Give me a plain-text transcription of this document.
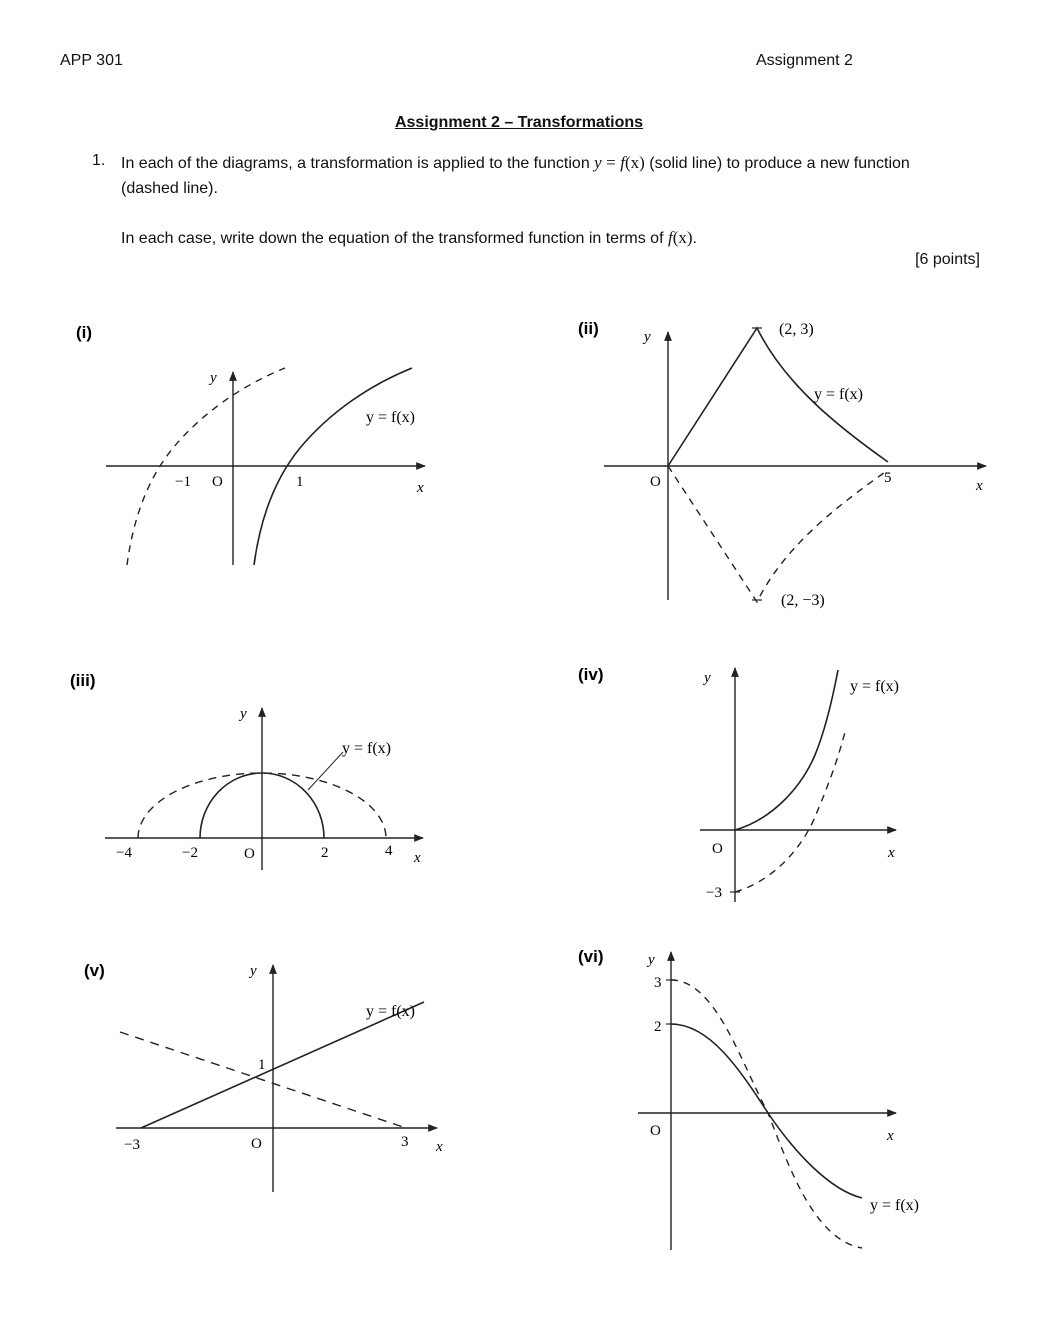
APP 301	Assignment 2
Assignment 2 – Transformations
1. In each of the diagrams, a transformation is applied to the function y = f(x) (solid line) to produce a new function (dashed line).
In each case, write down the equation of the transformed function in terms of f(x).
[6 points]
(i)
y
x
−1 O	1
y = f(x)
(ii)	y
x
O	5
(2, 3)
(2, −3)
y = f(x)
(iii)
y
x
−4	−2	O	2	4
y = f(x)
(iv)	y
x
O
−3
y = f(x)
(v)	y
x
−3	O	3
1
y = f(x)
(vi)	y
x
O
3
2
y = f(x)
